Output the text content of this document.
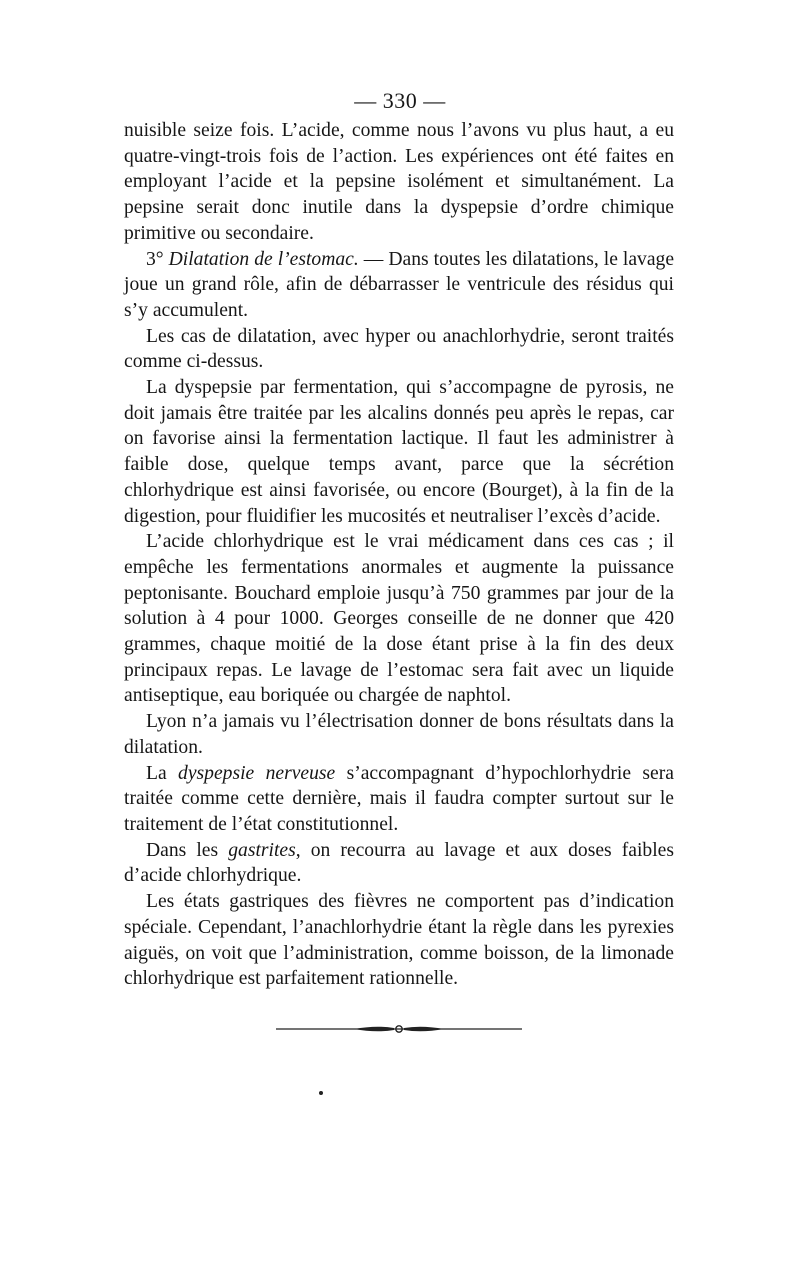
— 330 —

nuisible seize fois. L’acide, comme nous l’avons vu plus haut, a eu quatre-vingt-trois fois de l’action. Les expériences ont été faites en employant l’acide et la pepsine isolément et simultanément. La pepsine serait donc inutile dans la dyspepsie d’ordre chimique primitive ou secondaire.

3° Dilatation de l’estomac. — Dans toutes les dilatations, le lavage joue un grand rôle, afin de débarrasser le ventricule des résidus qui s’y accumulent.

Les cas de dilatation, avec hyper ou anachlorhydrie, seront traités comme ci-dessus.

La dyspepsie par fermentation, qui s’accompagne de pyrosis, ne doit jamais être traitée par les alcalins donnés peu après le repas, car on favorise ainsi la fermentation lactique. Il faut les administrer à faible dose, quelque temps avant, parce que la sécrétion chlorhydrique est ainsi favorisée, ou encore (Bourget), à la fin de la digestion, pour fluidifier les mucosités et neutraliser l’excès d’acide.

L’acide chlorhydrique est le vrai médicament dans ces cas ; il empêche les fermentations anormales et augmente la puissance peptonisante. Bouchard emploie jusqu’à 750 grammes par jour de la solution à 4 pour 1000. Georges conseille de ne donner que 420 grammes, chaque moitié de la dose étant prise à la fin des deux principaux repas. Le lavage de l’estomac sera fait avec un liquide antiseptique, eau boriquée ou chargée de naphtol.

Lyon n’a jamais vu l’électrisation donner de bons résultats dans la dilatation.

La dyspepsie nerveuse s’accompagnant d’hypochlorhydrie sera traitée comme cette dernière, mais il faudra compter surtout sur le traitement de l’état constitutionnel.

Dans les gastrites, on recourra au lavage et aux doses faibles d’acide chlorhydrique.

Les états gastriques des fièvres ne comportent pas d’indication spéciale. Cependant, l’anachlorhydrie étant la règle dans les pyrexies aiguës, on voit que l’administration, comme boisson, de la limonade chlorhydrique est parfaitement rationnelle.
